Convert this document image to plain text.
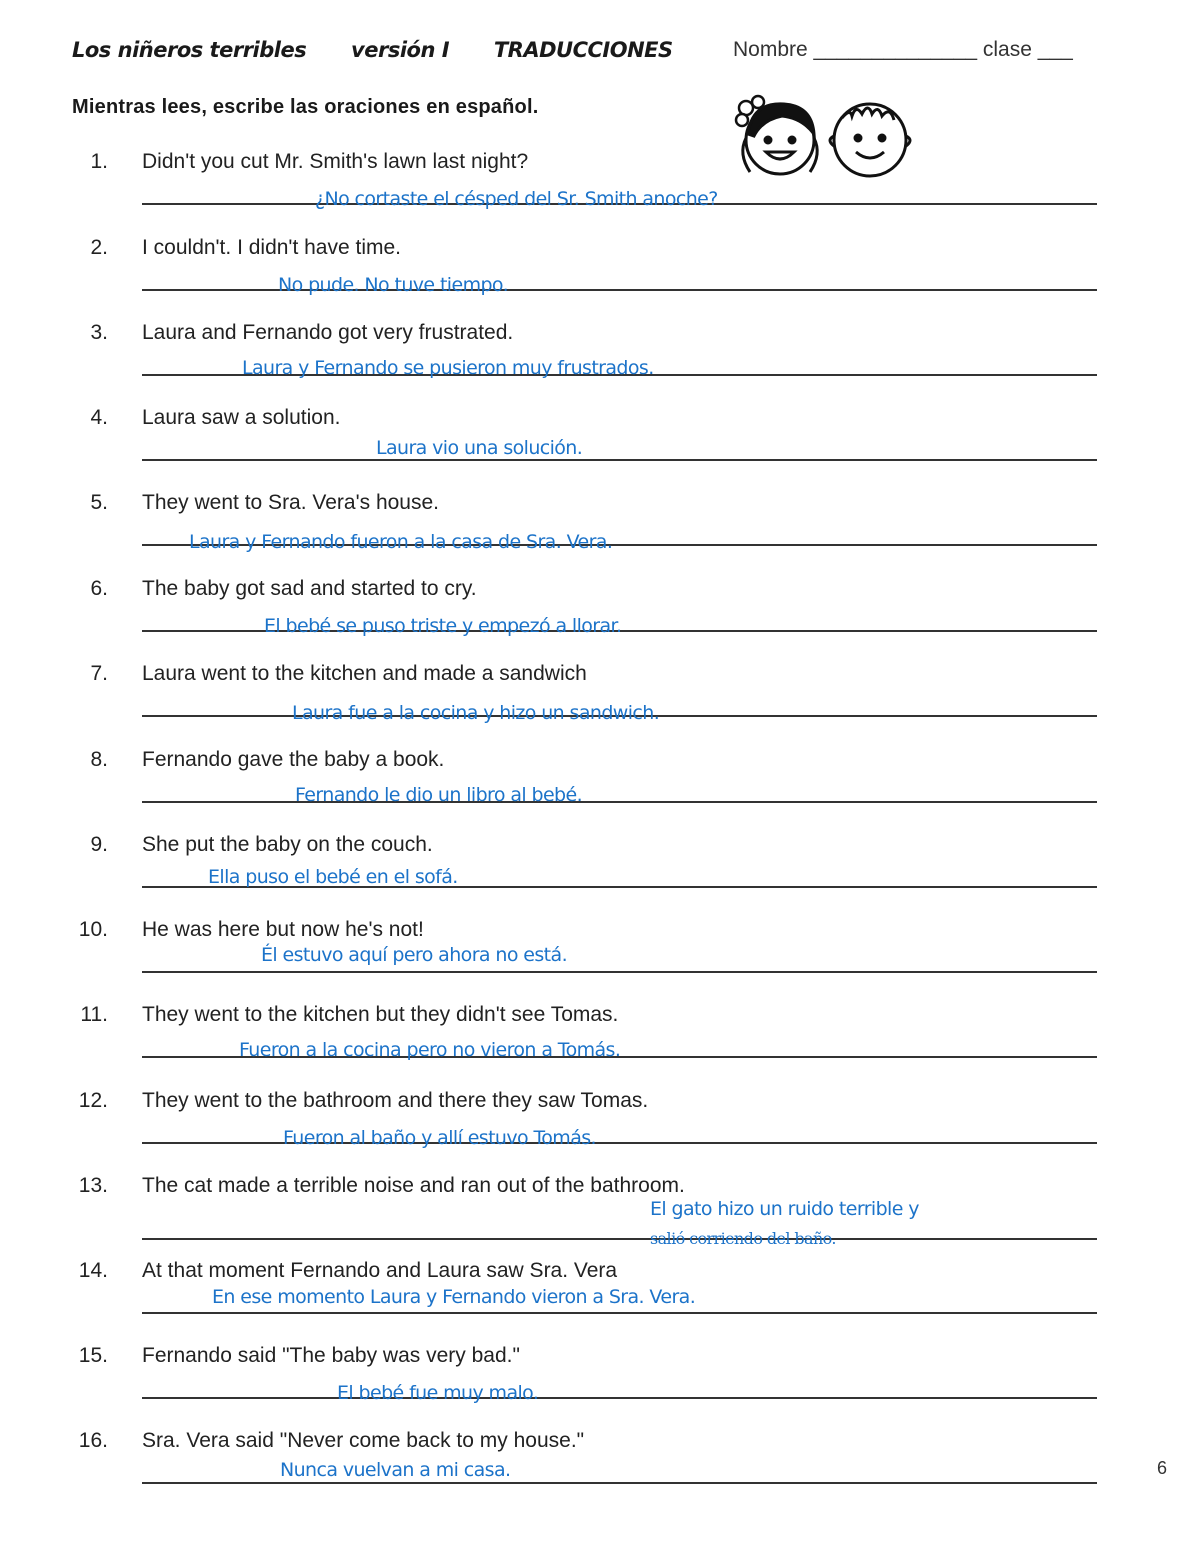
Los niñeros terribles versión I TRADUCCIONES	Nombre ______________ clase ___
Mientras lees, escribe las oraciones en español.
1. Didn't you cut Mr. Smith's lawn last night?
¿No cortaste el césped del Sr. Smith anoche?
2. I couldn't. I didn't have time.
No pude. No tuve tiempo.
3. Laura and Fernando got very frustrated.
Laura y Fernando se pusieron muy frustrados.
4. Laura saw a solution.
Laura vio una solución.
5. They went to Sra. Vera's house.
Laura y Fernando fueron a la casa de Sra. Vera.
6. The baby got sad and started to cry.
El bebé se puso triste y empezó a llorar.
7. Laura went to the kitchen and made a sandwich
Laura fue a la cocina y hizo un sandwich.
8. Fernando gave the baby a book.
Fernando le dio un libro al bebé.
9. She put the baby on the couch.
Ella puso el bebé en el sofá.
10. He was here but now he's not!
Él estuvo aquí pero ahora no está.
11. They went to the kitchen but they didn't see Tomas.
Fueron a la cocina pero no vieron a Tomás.
12. They went to the bathroom and there they saw Tomas.
Fueron al baño y allí estuvo Tomás.
13. The cat made a terrible noise and ran out of the bathroom.
El gato hizo un ruido terrible y
salió corriendo del baño.
14. At that moment Fernando and Laura saw Sra. Vera
En ese momento Laura y Fernando vieron a Sra. Vera.
15. Fernando said "The baby was very bad."
El bebé fue muy malo.
16. Sra. Vera said "Never come back to my house."
Nunca vuelvan a mi casa.	6
